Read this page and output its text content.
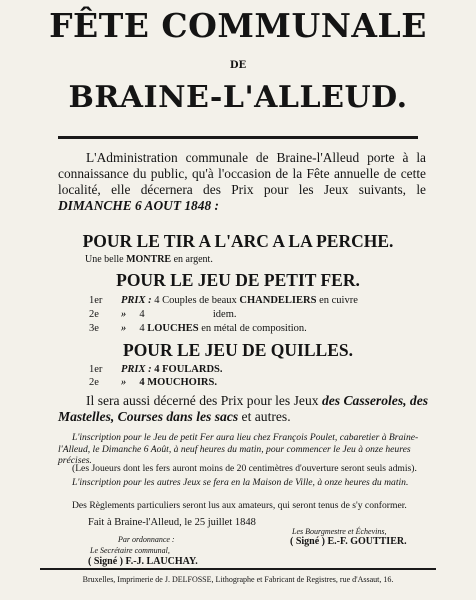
FÊTE COMMUNALE
DE
BRAINE-L'ALLEUD.
L'Administration communale de Braine-l'Alleud porte à la connaissance du public, qu'à l'occasion de la Fête annuelle de cette localité, elle décernera des Prix pour les Jeux suivants, le DIMANCHE 6 AOUT 1848 :
POUR LE TIR A L'ARC A LA PERCHE.
Une belle MONTRE en argent.
POUR LE JEU DE PETIT FER.
1er PRIX : 4 Couples de beaux CHANDELIERS en cuivre
2e »     4                          idem.
3e »     4 LOUCHES en métal de composition.
POUR LE JEU DE QUILLES.
1er PRIX : 4 FOULARDS.
2e »     4 MOUCHOIRS.
Il sera aussi décerné des Prix pour les Jeux des Casseroles, des Mastelles, Courses dans les sacs et autres.
L'inscription pour le Jeu de petit Fer aura lieu chez François Poulet, cabaretier à Braine-l'Alleud, le Dimanche 6 Août, à neuf heures du matin, pour commencer le Jeu à onze heures précises.
(Les Joueurs dont les fers auront moins de 20 centimètres d'ouverture seront seuls admis).
L'inscription pour les autres Jeux se fera en la Maison de Ville, à onze heures du matin.
Des Règlements particuliers seront lus aux amateurs, qui seront tenus de s'y conformer.
Fait à Braine-l'Alleud, le 25 juillet 1848
Les Bourgmestre et Échevins,
( Signé ) E.-F. GOUTTIER.
Par ordonnance :
Le Secrétaire communal,
( Signé ) F.-J. LAUCHAY.
Bruxelles, Imprimerie de J. DELFOSSE, Lithographe et Fabricant de Registres, rue d'Assaut, 16.
